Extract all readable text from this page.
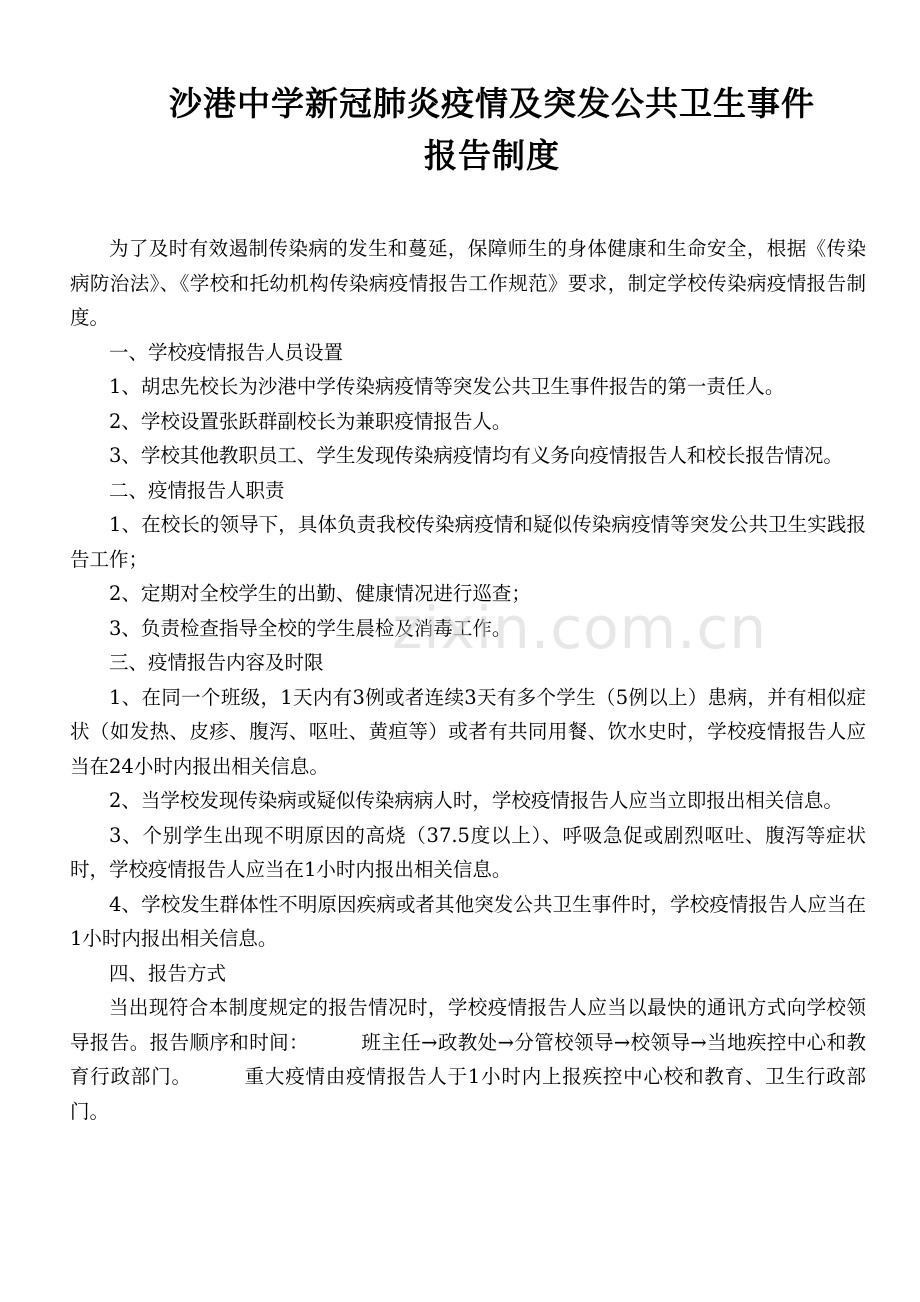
沙港中学新冠肺炎疫情及突发公共卫生事件
报告制度

为了及时有效遏制传染病的发生和蔓延，保障师生的身体健康和生命安全，根据《传染病防治法》、《学校和托幼机构传染病疫情报告工作规范》要求，制定学校传染病疫情报告制度。

一、学校疫情报告人员设置

1、胡忠先校长为沙港中学传染病疫情等突发公共卫生事件报告的第一责任人。

2、学校设置张跃群副校长为兼职疫情报告人。

3、学校其他教职员工、学生发现传染病疫情均有义务向疫情报告人和校长报告情况。

二、疫情报告人职责

1、在校长的领导下，具体负责我校传染病疫情和疑似传染病疫情等突发公共卫生实践报告工作；

2、定期对全校学生的出勤、健康情况进行巡查；

3、负责检查指导全校的学生晨检及消毒工作。

三、疫情报告内容及时限

1、在同一个班级，1天内有3例或者连续3天有多个学生（5例以上）患病，并有相似症状（如发热、皮疹、腹泻、呕吐、黄疸等）或者有共同用餐、饮水史时，学校疫情报告人应当在24小时内报出相关信息。

2、当学校发现传染病或疑似传染病病人时，学校疫情报告人应当立即报出相关信息。

3、个别学生出现不明原因的高烧（37.5度以上）、呼吸急促或剧烈呕吐、腹泻等症状时，学校疫情报告人应当在1小时内报出相关信息。

4、学校发生群体性不明原因疾病或者其他突发公共卫生事件时，学校疫情报告人应当在1小时内报出相关信息。

四、报告方式

当出现符合本制度规定的报告情况时，学校疫情报告人应当以最快的通讯方式向学校领导报告。报告顺序和时间：	班主任→政教处→分管校领导→校领导→当地疾控中心和教育行政部门。	重大疫情由疫情报告人于1小时内上报疾控中心校和教育、卫生行政部门。

zixin.com.cn
